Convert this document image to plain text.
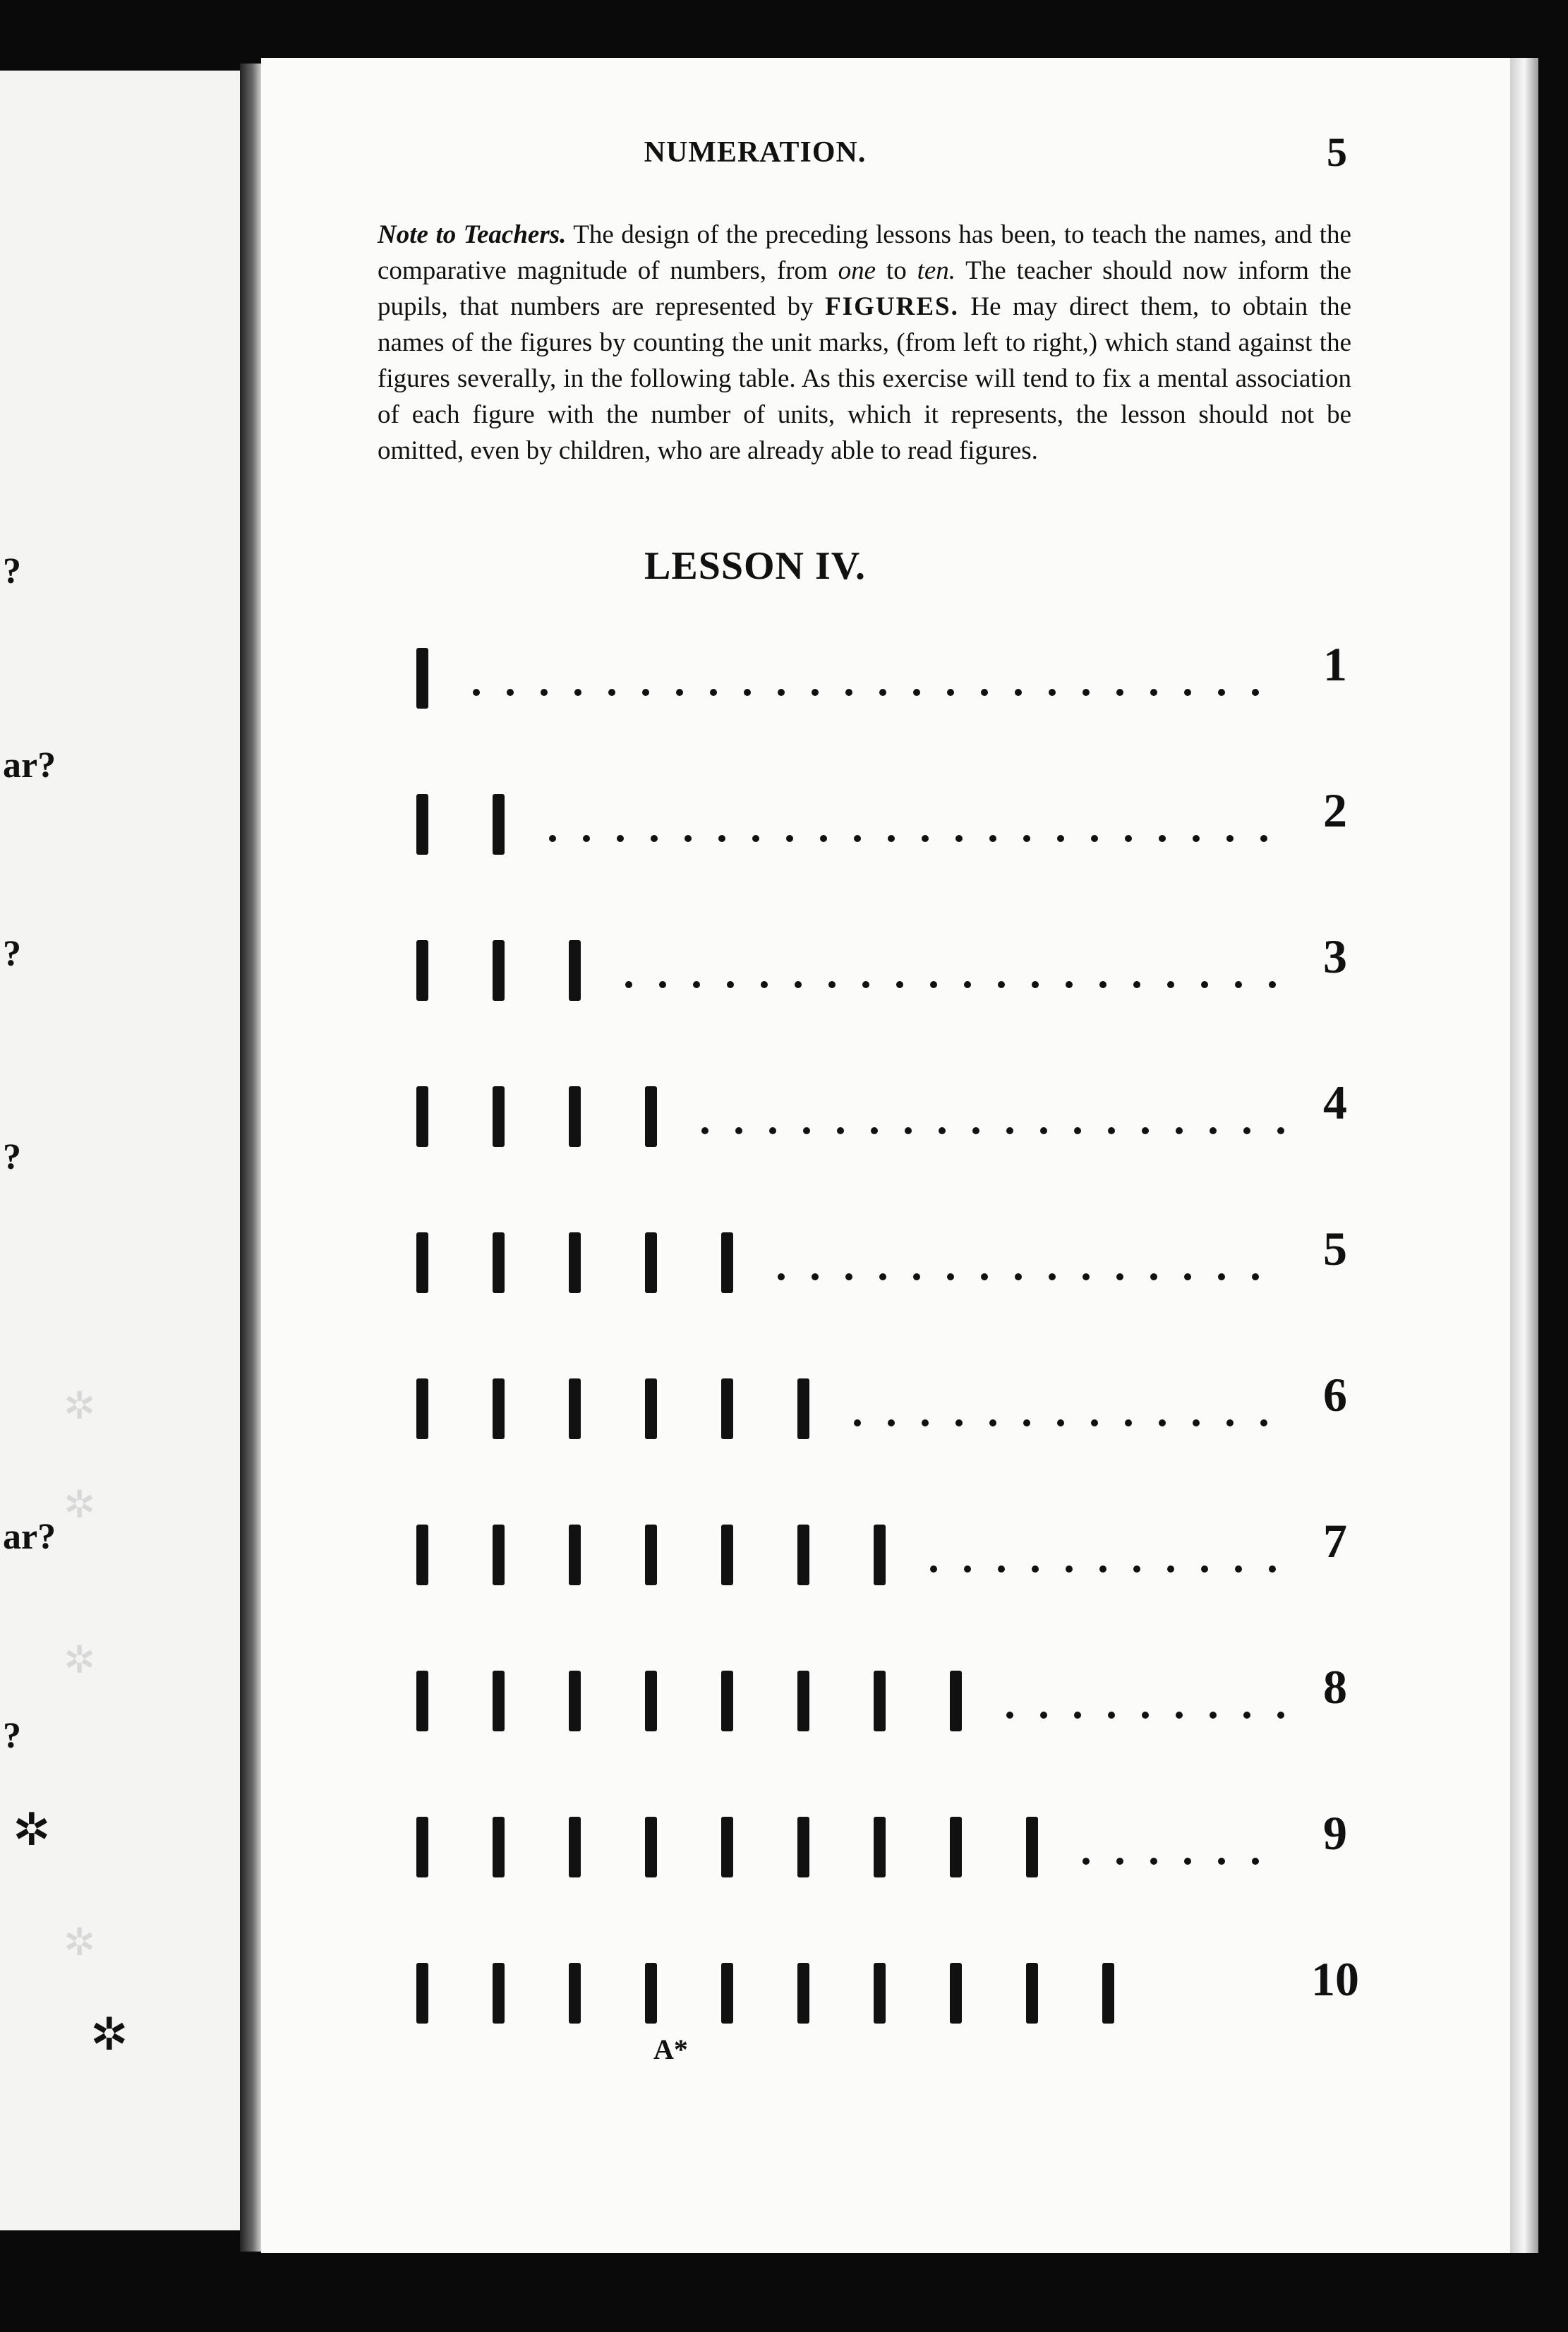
?
ar?
?
?
ar?
?
✲
✲
✲
✲
✲
✲
NUMERATION.	5
Note to Teachers. The design of the preceding lessons has been, to teach the names, and the comparative magnitude of numbers, from one to ten. The teacher should now inform the pupils, that numbers are represented by FIGURES. He may direct them, to obtain the names of the figures by counting the unit marks, (from left to right,) which stand against the figures severally, in the following table. As this exercise will tend to fix a mental association of each figure with the number of units, which it represents, the lesson should not be omitted, even by children, who are already able to read figures.
LESSON IV.
1
2
3
4
5
6
7
8
9
10
A*
